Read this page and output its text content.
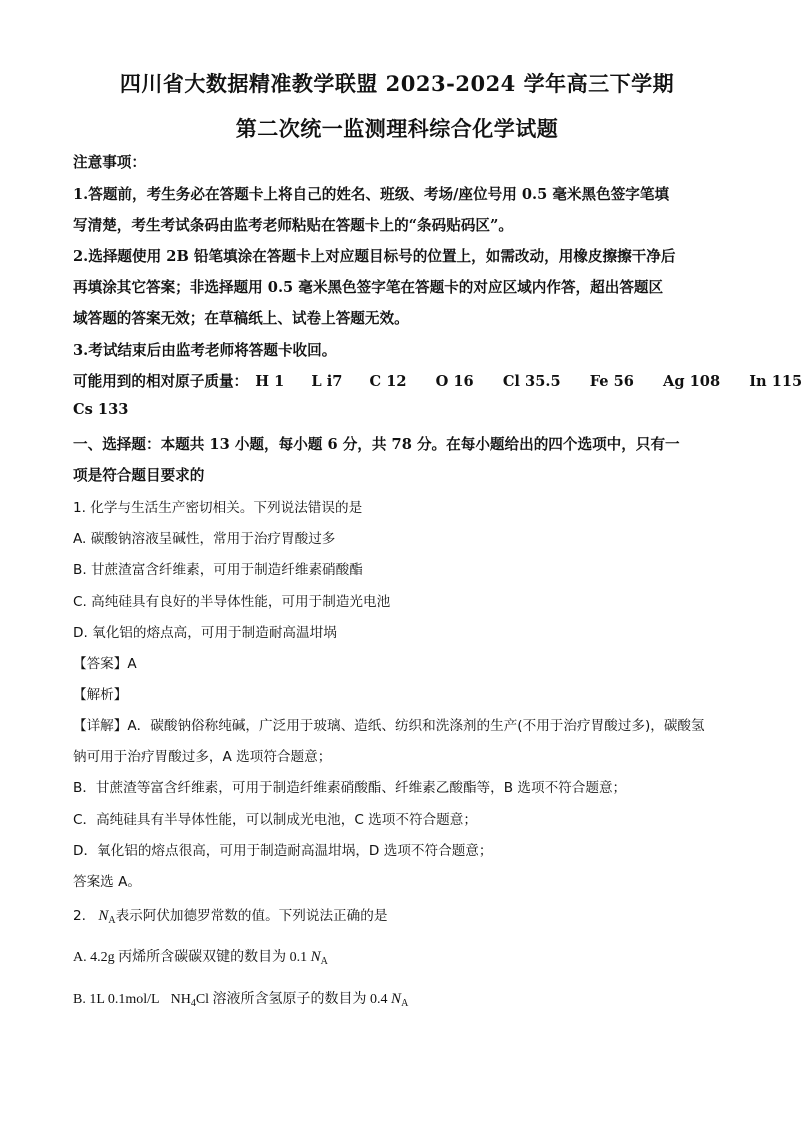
四川省大数据精准教学联盟 2023-2024 学年高三下学期
第二次统一监测理科综合化学试题
注意事项：
1.答题前，考生务必在答题卡上将自己的姓名、班级、考场/座位号用 0.5 毫米黑色签字笔填
写清楚，考生考试条码由监考老师粘贴在答题卡上的“条码贴码区”。
2.选择题使用 2B 铅笔填涂在答题卡上对应题目标号的位置上，如需改动，用橡皮擦擦干净后
再填涂其它答案；非选择题用 0.5 毫米黑色签字笔在答题卡的对应区域内作答，超出答题区
域答题的答案无效；在草稿纸上、试卷上答题无效。
3.考试结束后由监考老师将答题卡收回。
可能用到的相对原子质量： H 1 L i7 C 12 O 16 Cl 35.5 Fe 56 Ag 108 In 115
Cs 133
一、选择题：本题共 13 小题，每小题 6 分，共 78 分。在每小题给出的四个选项中，只有一
项是符合题目要求的
1. 化学与生活生产密切相关。下列说法错误的是
A. 碳酸钠溶液呈碱性，常用于治疗胃酸过多
B. 甘蔗渣富含纤维素，可用于制造纤维素硝酸酯
C. 高纯硅具有良好的半导体性能，可用于制造光电池
D. 氧化铝的熔点高，可用于制造耐高温坩埚
【答案】A
【解析】
【详解】A．碳酸钠俗称纯碱，广泛用于玻璃、造纸、纺织和洗涤剂的生产(不用于治疗胃酸过多)，碳酸氢
钠可用于治疗胃酸过多，A 选项符合题意；
B．甘蔗渣等富含纤维素，可用于制造纤维素硝酸酯、纤维素乙酸酯等，B 选项不符合题意；
C．高纯硅具有半导体性能，可以制成光电池，C 选项不符合题意；
D．氧化铝的熔点很高，可用于制造耐高温坩埚，D 选项不符合题意；
答案选 A。
2. $N_A$表示阿伏加德罗常数的值。下列说法正确的是
A. 4.2g 丙烯所含碳碳双键的数目为 0.1 $N_A$
B. 1L 0.1mol/L $NH_4Cl$ 溶液所含氢原子的数目为 0.4 $N_A$
